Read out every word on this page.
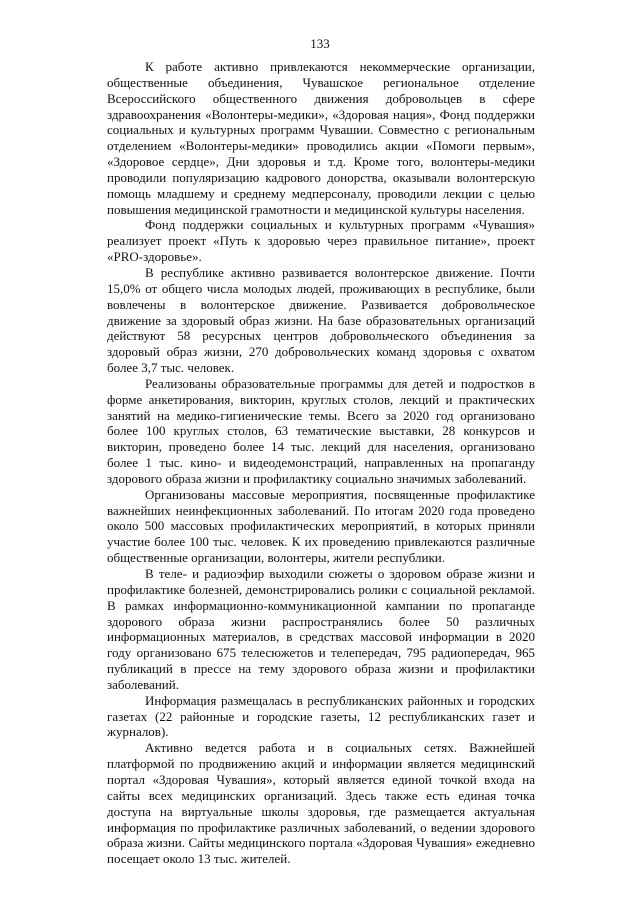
133

К работе активно привлекаются некоммерческие организации, общественные объединения, Чувашское региональное отделение Всероссийского общественного движения добровольцев в сфере здравоохранения «Волонтеры-медики», «Здоровая нация», Фонд поддержки социальных и культурных программ Чувашии. Совместно с региональным отделением «Волонтеры-медики» проводились акции «Помоги первым», «Здоровое сердце», Дни здоровья и т.д. Кроме того, волонтеры-медики проводили популяризацию кадрового донорства, оказывали волонтерскую помощь младшему и среднему медперсоналу, проводили лекции с целью повышения медицинской грамотности и медицинской культуры населения.

Фонд поддержки социальных и культурных программ «Чувашия» реализует проект «Путь к здоровью через правильное питание», проект «PRO-здоровье».

В республике активно развивается волонтерское движение. Почти 15,0% от общего числа молодых людей, проживающих в республике, были вовлечены в волонтерское движение. Развивается добровольческое движение за здоровый образ жизни. На базе образовательных организаций действуют 58 ресурсных центров добровольческого объединения за здоровый образ жизни, 270 добровольческих команд здоровья с охватом более 3,7 тыс. человек.

Реализованы образовательные программы для детей и подростков в форме анкетирования, викторин, круглых столов, лекций и практических занятий на медико-гигиенические темы. Всего за 2020 год организовано более 100 круглых столов, 63 тематические выставки, 28 конкурсов и викторин, проведено более 14 тыс. лекций для населения, организовано более 1 тыс. кино- и видеодемонстраций, направленных на пропаганду здорового образа жизни и профилактику социально значимых заболеваний.

Организованы массовые мероприятия, посвященные профилактике важнейших неинфекционных заболеваний. По итогам 2020 года проведено около 500 массовых профилактических мероприятий, в которых приняли участие более 100 тыс. человек. К их проведению привлекаются различные общественные организации, волонтеры, жители республики.

В теле- и радиоэфир выходили сюжеты о здоровом образе жизни и профилактике болезней, демонстрировались ролики с социальной рекламой. В рамках информационно-коммуникационной кампании по пропаганде здорового образа жизни распространялись более 50 различных информационных материалов, в средствах массовой информации в 2020 году организовано 675 телесюжетов и телепередач, 795 радиопередач, 965 публикаций в прессе на тему здорового образа жизни и профилактики заболеваний.

Информация размещалась в республиканских районных и городских газетах (22 районные и городские газеты, 12 республиканских газет и журналов).

Активно ведется работа и в социальных сетях. Важнейшей платформой по продвижению акций и информации является медицинский портал «Здоровая Чувашия», который является единой точкой входа на сайты всех медицинских организаций. Здесь также есть единая точка доступа на виртуальные школы здоровья, где размещается актуальная информация по профилактике различных заболеваний, о ведении здорового образа жизни. Сайты медицинского портала «Здоровая Чувашия» ежедневно посещает около 13 тыс. жителей.
